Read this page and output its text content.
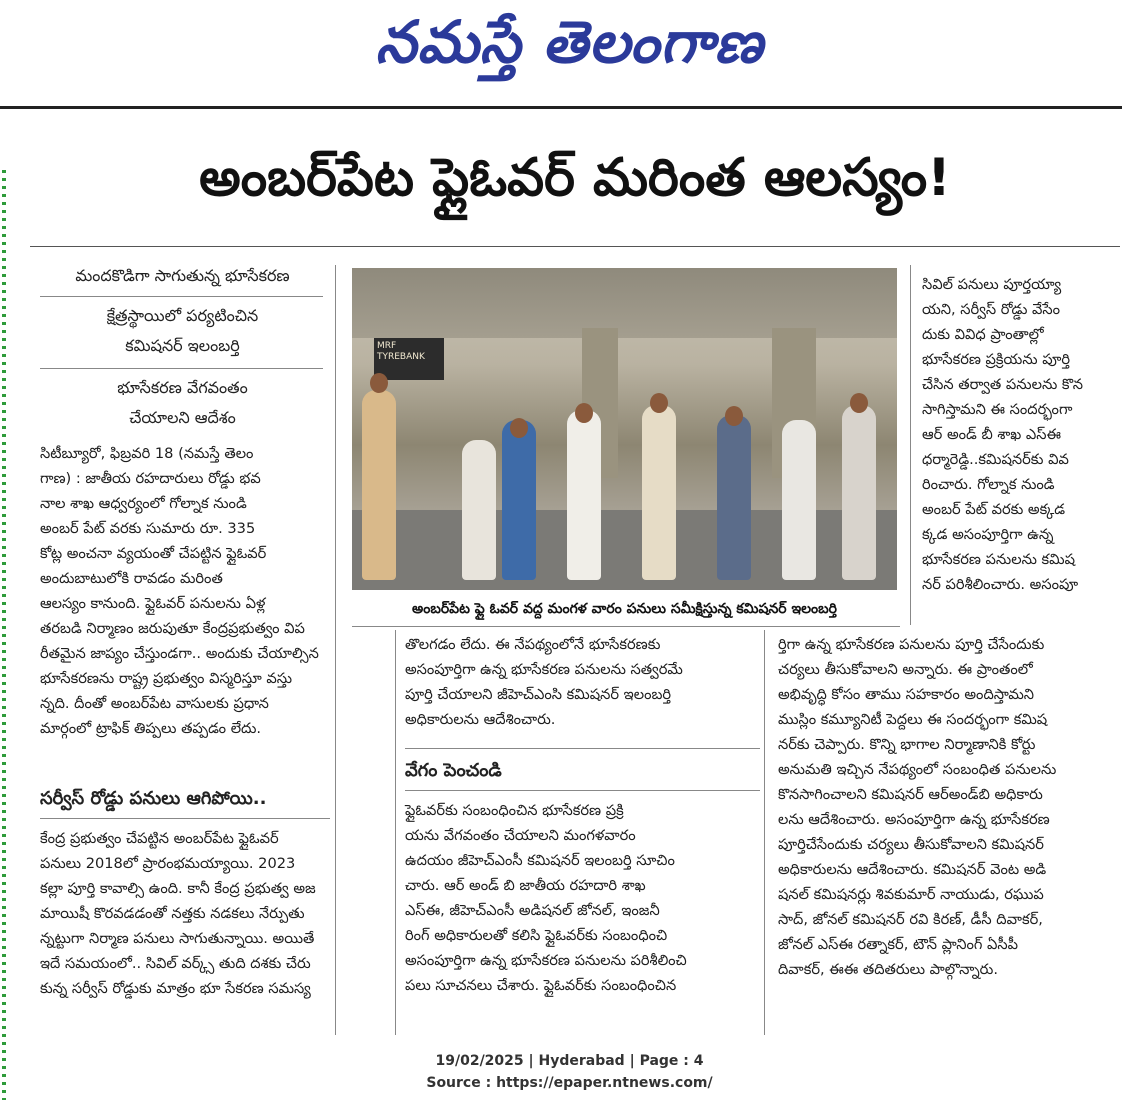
నమస్తే తెలంగాణ
అంబర్‌పేట ఫ్లైఓవర్ మరింత ఆలస్యం!
మందకొడిగా సాగుతున్న భూసేకరణ
క్షేత్రస్థాయిలో పర్యటించిన
కమిషనర్ ఇలంబర్తి
భూసేకరణ వేగవంతం
చేయాలని ఆదేశం
సిటీబ్యూరో, ఫిబ్రవరి 18 (నమస్తే తెలం
గాణ) : జాతీయ రహదారులు రోడ్డు భవ
నాల శాఖ ఆధ్వర్యంలో గోల్నాక నుండి
అంబర్ పేట్ వరకు సుమారు రూ. 335
కోట్ల అంచనా వ్యయంతో చేపట్టిన ఫ్లైఓవర్
అందుబాటులోకి రావడం మరింత
ఆలస్యం కానుంది. ఫ్లైఓవర్ పనులను ఏళ్ల
తరబడి నిర్మాణం జరుపుతూ కేంద్రప్రభుత్వం విప
రీతమైన జాప్యం చేస్తుండగా.. అందుకు చేయాల్సిన
భూసేకరణను రాష్ట్ర ప్రభుత్వం విస్మరిస్తూ వస్తు
న్నది. దీంతో అంబర్‌పేట వాసులకు ప్రధాన
మార్గంలో ట్రాఫిక్ తిప్పలు తప్పడం లేదు.
సర్వీస్ రోడ్డు పనులు ఆగిపోయి..
కేంద్ర ప్రభుత్వం చేపట్టిన అంబర్‌పేట ఫ్లైఓవర్
పనులు 2018లో ప్రారంభమయ్యాయి. 2023
కల్లా పూర్తి కావాల్సి ఉంది. కానీ కేంద్ర ప్రభుత్వ అజ
మాయిషీ కొరవడడంతో నత్తకు నడకలు నేర్పుతు
న్నట్టుగా నిర్మాణ పనులు సాగుతున్నాయి. అయితే
ఇదే సమయంలో.. సివిల్ వర్క్స్ తుది దశకు చేరు
కున్న సర్వీస్ రోడ్డుకు మాత్రం భూ సేకరణ సమస్య
MRF TYREBANK
అంబర్‌పేట ఫ్లై ఓవర్ వద్ద మంగళ వారం పనులు సమీక్షిస్తున్న కమిషనర్ ఇలంబర్తి
తొలగడం లేదు. ఈ నేపథ్యంలోనే భూసేకరణకు
అసంపూర్తిగా ఉన్న భూసేకరణ పనులను సత్వరమే
పూర్తి చేయాలని జీహెచ్ఎంసి కమిషనర్ ఇలంబర్తి
అధికారులను ఆదేశించారు.
వేగం పెంచండి
ఫ్లైఓవర్‌కు సంబంధించిన భూసేకరణ ప్రక్రి
యను వేగవంతం చేయాలని మంగళవారం
ఉదయం జీహెచ్ఎంసీ కమిషనర్ ఇలంబర్తి సూచిం
చారు. ఆర్ అండ్ బి జాతీయ రహదారి శాఖ
ఎస్ఈ, జీహెచ్ఎంసీ అడిషనల్ జోనల్, ఇంజనీ
రింగ్ అధికారులతో కలిసి ఫ్లైఓవర్‌కు సంబంధించి
అసంపూర్తిగా ఉన్న భూసేకరణ పనులను పరిశీలించి
పలు సూచనలు చేశారు. ఫ్లైఓవర్‌కు సంబంధించిన
సివిల్ పనులు పూర్తయ్యా
యని, సర్వీస్ రోడ్డు వేసేం
దుకు వివిధ ప్రాంతాల్లో
భూసేకరణ ప్రక్రియను పూర్తి
చేసిన తర్వాత పనులను కొన
సాగిస్తామని ఈ సందర్భంగా
ఆర్ అండ్ బీ శాఖ ఎస్ఈ
ధర్మారెడ్డి..కమిషనర్‌కు వివ
రించారు. గోల్నాక నుండి
అంబర్ పేట్ వరకు అక్కడ
క్కడ అసంపూర్తిగా ఉన్న
భూసేకరణ పనులను కమిష
నర్ పరిశీలించారు. అసంపూ
ర్తిగా ఉన్న భూసేకరణ పనులను పూర్తి చేసేందుకు
చర్యలు తీసుకోవాలని అన్నారు. ఈ ప్రాంతంలో
అభివృద్ధి కోసం తాము సహకారం అందిస్తామని
ముస్లిం కమ్యూనిటీ పెద్దలు ఈ సందర్భంగా కమిష
నర్‌కు చెప్పారు. కొన్ని భాగాల నిర్మాణానికి కోర్టు
అనుమతి ఇచ్చిన నేపథ్యంలో సంబంధిత పనులను
కొనసాగించాలని కమిషనర్ ఆర్అండ్‌బి అధికారు
లను ఆదేశించారు. అసంపూర్తిగా ఉన్న భూసేకరణ
పూర్తిచేసేందుకు చర్యలు తీసుకోవాలని కమిషనర్
అధికారులను ఆదేశించారు. కమిషనర్ వెంట అడి
షనల్ కమిషనర్లు శివకుమార్ నాయుడు, రఘుప
సాద్, జోనల్ కమిషనర్ రవి కిరణ్, డీసీ దివాకర్,
జోనల్ ఎస్ఈ రత్నాకర్, టౌన్ ప్లానింగ్ ఏసీపీ
దివాకర్, ఈఈ తదితరులు పాల్గొన్నారు.
19/02/2025 | Hyderabad | Page : 4
Source : https://epaper.ntnews.com/
